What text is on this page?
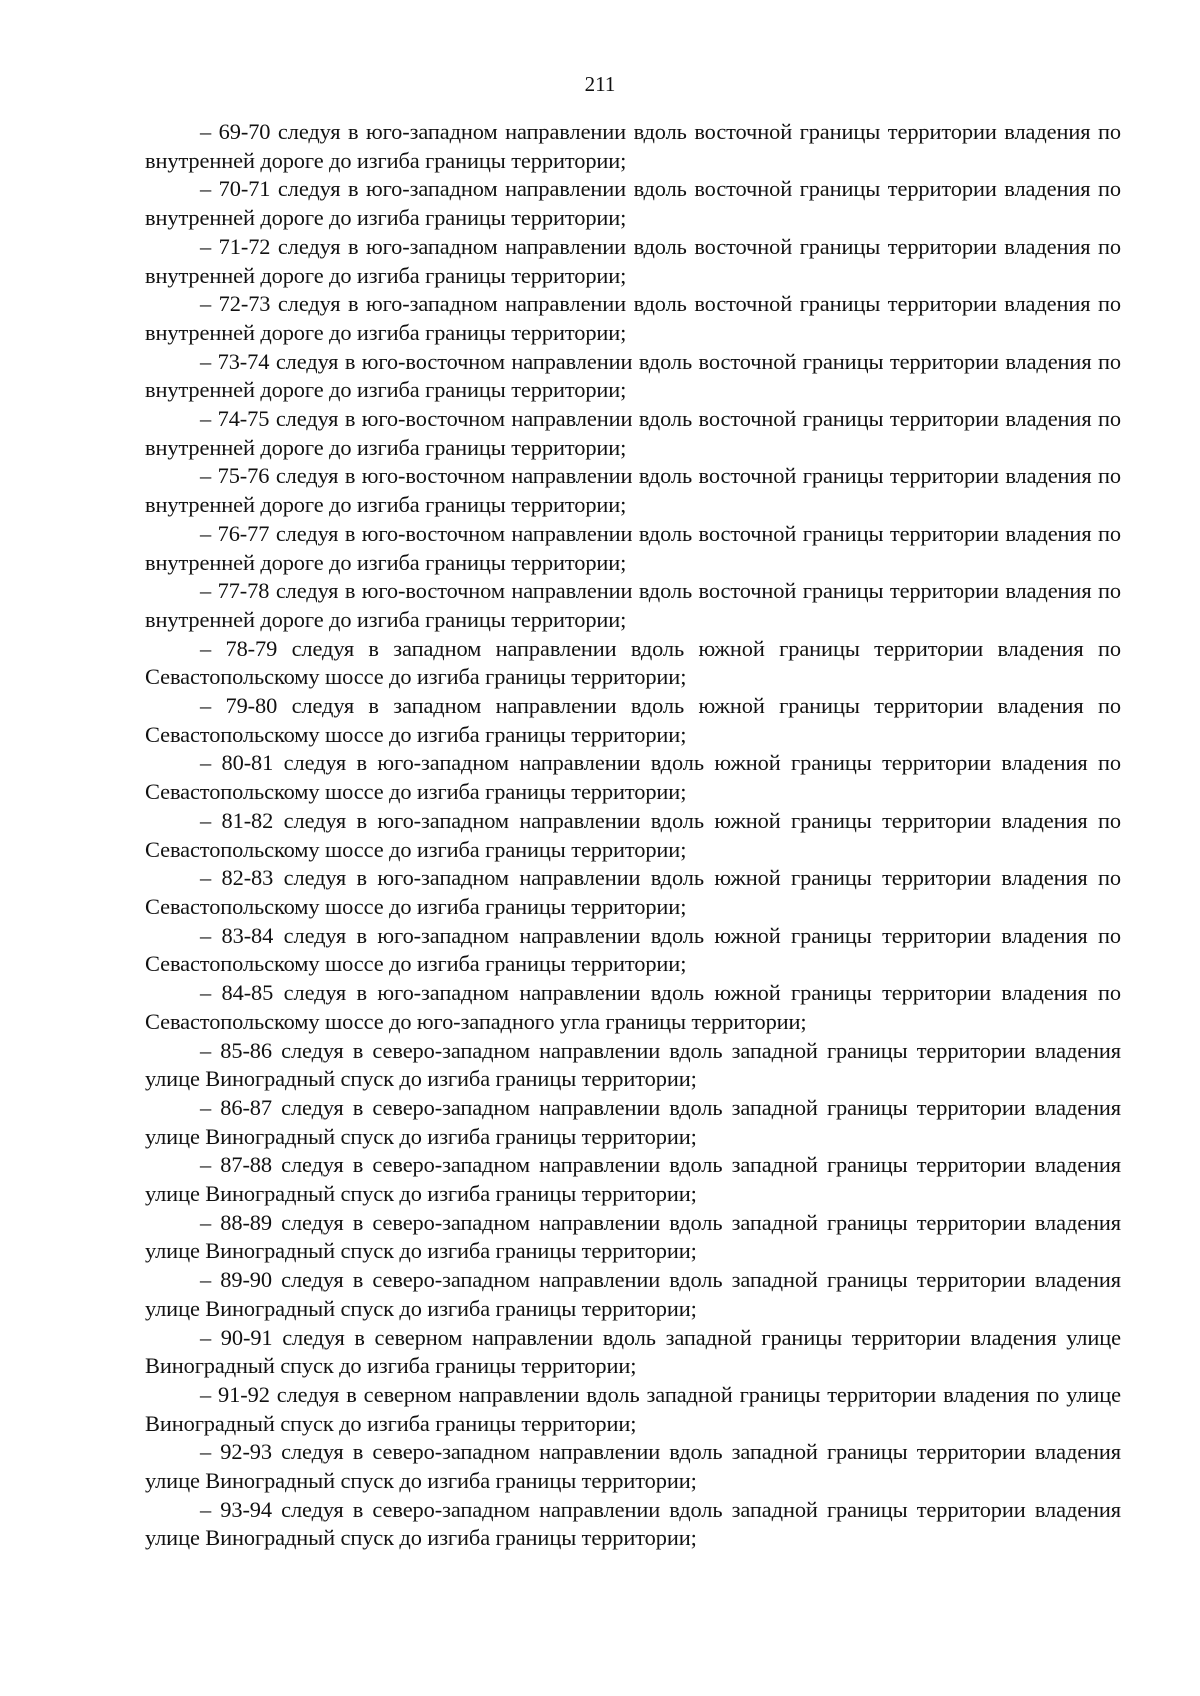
211

– 69-70 следуя в юго-западном направлении вдоль восточной границы территории владения по внутренней дороге до изгиба границы территории;

– 70-71 следуя в юго-западном направлении вдоль восточной границы территории владения по внутренней дороге до изгиба границы территории;

– 71-72 следуя в юго-западном направлении вдоль восточной границы территории владения по внутренней дороге до изгиба границы территории;

– 72-73 следуя в юго-западном направлении вдоль восточной границы территории владения по внутренней дороге до изгиба границы территории;

– 73-74 следуя в юго-восточном направлении вдоль восточной границы территории владения по внутренней дороге до изгиба границы территории;

– 74-75 следуя в юго-восточном направлении вдоль восточной границы территории владения по внутренней дороге до изгиба границы территории;

– 75-76 следуя в юго-восточном направлении вдоль восточной границы территории владения по внутренней дороге до изгиба границы территории;

– 76-77 следуя в юго-восточном направлении вдоль восточной границы территории владения по внутренней дороге до изгиба границы территории;

– 77-78 следуя в юго-восточном направлении вдоль восточной границы территории владения по внутренней дороге до изгиба границы территории;

– 78-79 следуя в западном направлении вдоль южной границы территории владения по Севастопольскому шоссе до изгиба границы территории;

– 79-80 следуя в западном направлении вдоль южной границы территории владения по Севастопольскому шоссе до изгиба границы территории;

– 80-81 следуя в юго-западном направлении вдоль южной границы территории владения по Севастопольскому шоссе до изгиба границы территории;

– 81-82 следуя в юго-западном направлении вдоль южной границы территории владения по Севастопольскому шоссе до изгиба границы территории;

– 82-83 следуя в юго-западном направлении вдоль южной границы территории владения по Севастопольскому шоссе до изгиба границы территории;

– 83-84 следуя в юго-западном направлении вдоль южной границы территории владения по Севастопольскому шоссе до изгиба границы территории;

– 84-85 следуя в юго-западном направлении вдоль южной границы территории владения по Севастопольскому шоссе до юго-западного угла границы территории;

– 85-86 следуя в северо-западном направлении вдоль западной границы территории владения улице Виноградный спуск до изгиба границы территории;

– 86-87 следуя в северо-западном направлении вдоль западной границы территории владения улице Виноградный спуск до изгиба границы территории;

– 87-88 следуя в северо-западном направлении вдоль западной границы территории владения улице Виноградный спуск до изгиба границы территории;

– 88-89 следуя в северо-западном направлении вдоль западной границы территории владения улице Виноградный спуск до изгиба границы территории;

– 89-90 следуя в северо-западном направлении вдоль западной границы территории владения улице Виноградный спуск до изгиба границы территории;

– 90-91 следуя в северном направлении вдоль западной границы территории владения улице Виноградный спуск до изгиба границы территории;

– 91-92 следуя в северном направлении вдоль западной границы территории владения по улице Виноградный спуск до изгиба границы территории;

– 92-93 следуя в северо-западном направлении вдоль западной границы территории владения улице Виноградный спуск до изгиба границы территории;

– 93-94 следуя в северо-западном направлении вдоль западной границы территории владения улице Виноградный спуск до изгиба границы территории;
